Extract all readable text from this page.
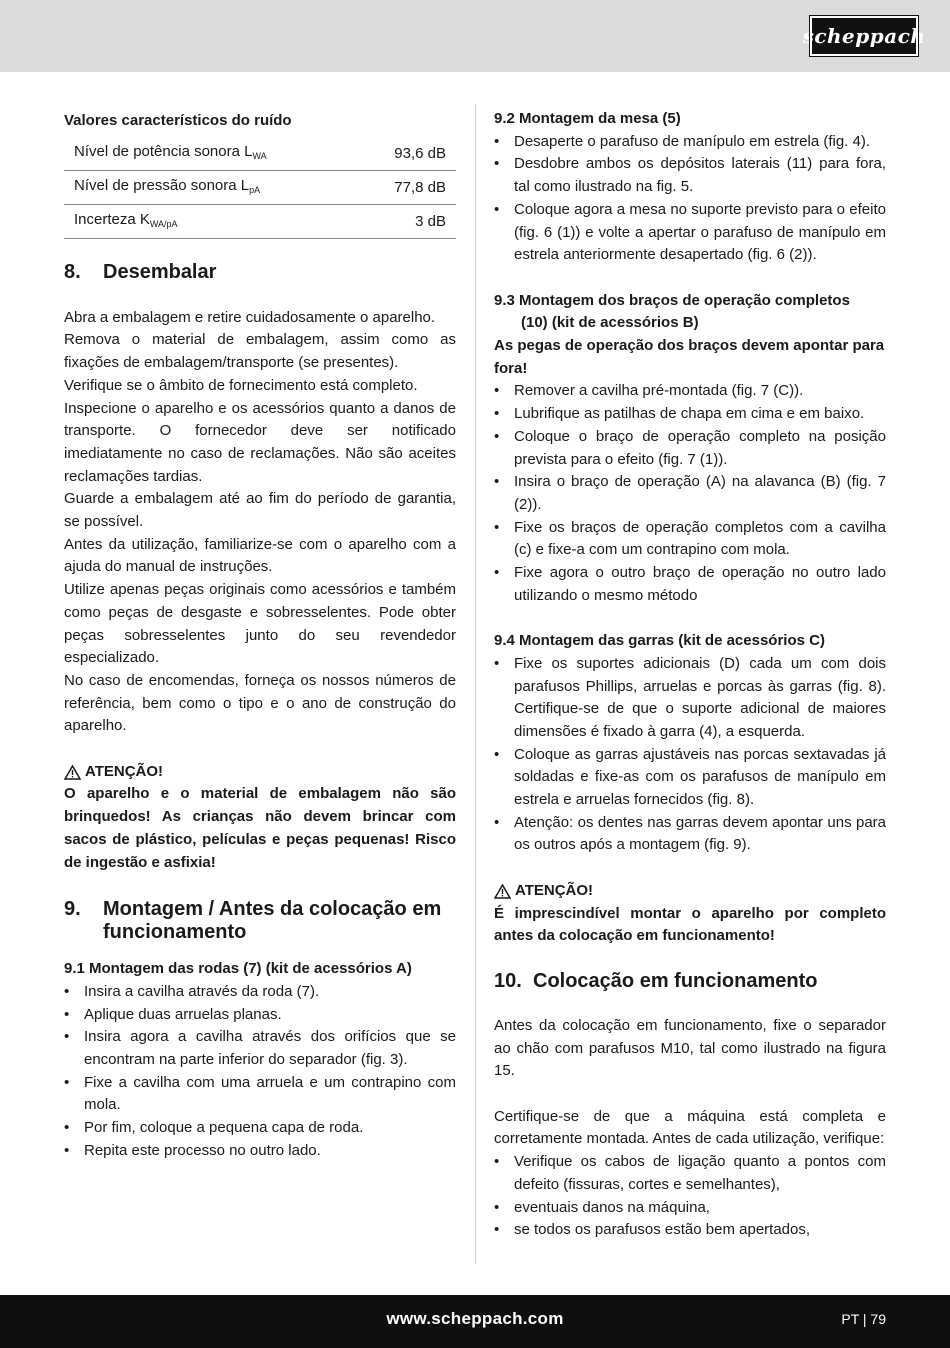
scheppach
Valores característicos do ruído
Nível de potência sonora $L_{WA}$	93,6 dB
Nível de pressão sonora $L_{pA}$	77,8 dB
Incerteza $K_{WA/pA}$	3 dB
8.	Desembalar

Abra a embalagem e retire cuidadosamente o aparelho.

Remova o material de embalagem, assim como as fixações de embalagem/transporte (se presentes).

Verifique se o âmbito de fornecimento está completo.

Inspecione o aparelho e os acessórios quanto a danos de transporte. O fornecedor deve ser notificado imediatamente no caso de reclamações. Não são aceites reclamações tardias.

Guarde a embalagem até ao fim do período de garantia, se possível.

Antes da utilização, familiarize-se com o aparelho com a ajuda do manual de instruções.

Utilize apenas peças originais como acessórios e também como peças de desgaste e sobresselentes. Pode obter peças sobresselentes junto do seu revendedor especializado.

No caso de encomendas, forneça os nossos números de referência, bem como o tipo e o ano de construção do aparelho.

ATENÇÃO!

O aparelho e o material de embalagem não são brinquedos! As crianças não devem brincar com sacos de plástico, películas e peças pequenas! Risco de ingestão e asfixia!

9.	Montagem / Antes da colocação em funcionamento
9.1 Montagem das rodas (7) (kit de acessórios A)
• Insira a cavilha através da roda (7).
• Aplique duas arruelas planas.
• Insira agora a cavilha através dos orifícios que se encontram na parte inferior do separador (fig. 3).
• Fixe a cavilha com uma arruela e um contrapino com mola.
• Por fim, coloque a pequena capa de roda.
• Repita este processo no outro lado.
9.2 Montagem da mesa (5)
• Desaperte o parafuso de manípulo em estrela (fig. 4).
• Desdobre ambos os depósitos laterais (11) para fora, tal como ilustrado na fig. 5.
• Coloque agora a mesa no suporte previsto para o efeito (fig. 6 (1)) e volte a apertar o parafuso de manípulo em estrela anteriormente desapertado (fig. 6 (2)).
9.3 Montagem dos braços de operação completos
(10) (kit de acessórios B)

As pegas de operação dos braços devem apontar para fora!

• Remover a cavilha pré-montada (fig. 7 (C)).
• Lubrifique as patilhas de chapa em cima e em baixo.
• Coloque o braço de operação completo na posição prevista para o efeito (fig. 7 (1)).
• Insira o braço de operação (A) na alavanca (B) (fig. 7 (2)).
• Fixe os braços de operação completos com a cavilha (c) e fixe-a com um contrapino com mola.
• Fixe agora o outro braço de operação no outro lado utilizando o mesmo método
9.4 Montagem das garras (kit de acessórios C)
• Fixe os suportes adicionais (D) cada um com dois parafusos Phillips, arruelas e porcas às garras (fig. 8). Certifique-se de que o suporte adicional de maiores dimensões é fixado à garra (4), a esquerda.
• Coloque as garras ajustáveis nas porcas sextavadas já soldadas e fixe-as com os parafusos de manípulo em estrela e arruelas fornecidos (fig. 8).
• Atenção: os dentes nas garras devem apontar uns para os outros após a montagem (fig. 9).
ATENÇÃO!

É imprescindível montar o aparelho por completo antes da colocação em funcionamento!

10. Colocação em funcionamento

Antes da colocação em funcionamento, fixe o separador ao chão com parafusos M10, tal como ilustrado na figura 15.

Certifique-se de que a máquina está completa e corretamente montada. Antes de cada utilização, verifique:

• Verifique os cabos de ligação quanto a pontos com defeito (fissuras, cortes e semelhantes),
• eventuais danos na máquina,
• se todos os parafusos estão bem apertados,
www.scheppach.com	PT | 79
